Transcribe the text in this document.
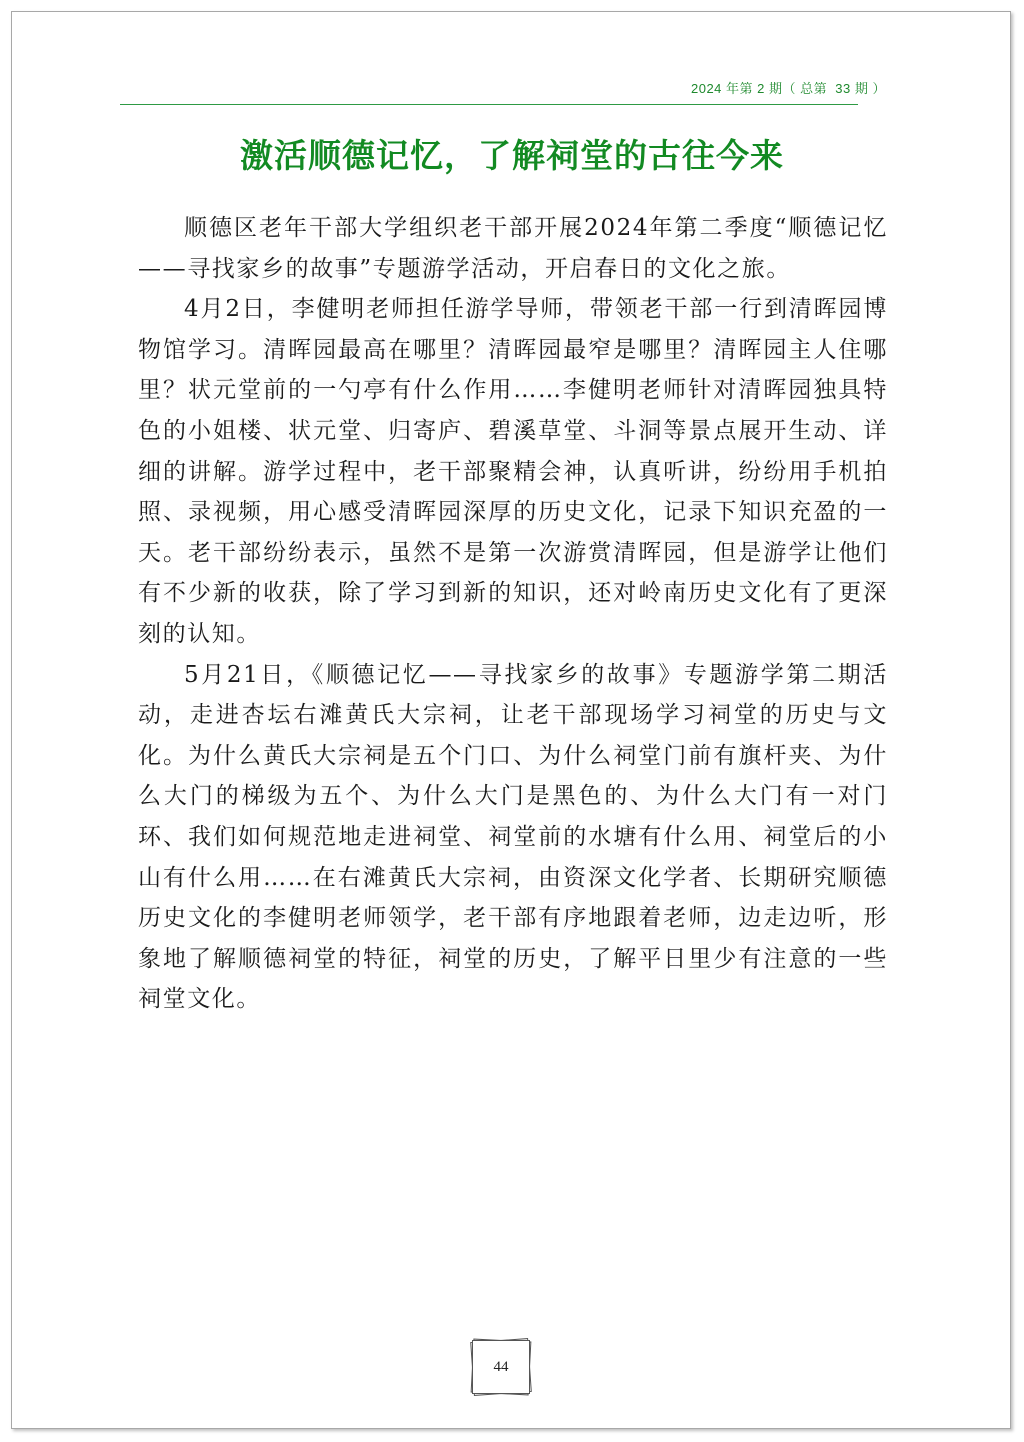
2024 年第 2 期（ 总第  33 期 ）
激活顺德记忆，了解祠堂的古往今来

顺德区老年干部大学组织老干部开展2024年第二季度“顺德记忆——寻找家乡的故事”专题游学活动，开启春日的文化之旅。

4月2日，李健明老师担任游学导师，带领老干部一行到清晖园博物馆学习。清晖园最高在哪里？清晖园最窄是哪里？清晖园主人住哪里？状元堂前的一勺亭有什么作用……李健明老师针对清晖园独具特色的小姐楼、状元堂、归寄庐、碧溪草堂、斗洞等景点展开生动、详细的讲解。游学过程中，老干部聚精会神，认真听讲，纷纷用手机拍照、录视频，用心感受清晖园深厚的历史文化，记录下知识充盈的一天。老干部纷纷表示，虽然不是第一次游赏清晖园，但是游学让他们有不少新的收获，除了学习到新的知识，还对岭南历史文化有了更深刻的认知。

5月21日，《顺德记忆——寻找家乡的故事》专题游学第二期活动，走进杏坛右滩黄氏大宗祠，让老干部现场学习祠堂的历史与文化。为什么黄氏大宗祠是五个门口、为什么祠堂门前有旗杆夹、为什么大门的梯级为五个、为什么大门是黑色的、为什么大门有一对门环、我们如何规范地走进祠堂、祠堂前的水塘有什么用、祠堂后的小山有什么用……在右滩黄氏大宗祠，由资深文化学者、长期研究顺德历史文化的李健明老师领学，老干部有序地跟着老师，边走边听，形象地了解顺德祠堂的特征，祠堂的历史，了解平日里少有注意的一些祠堂文化。

44
